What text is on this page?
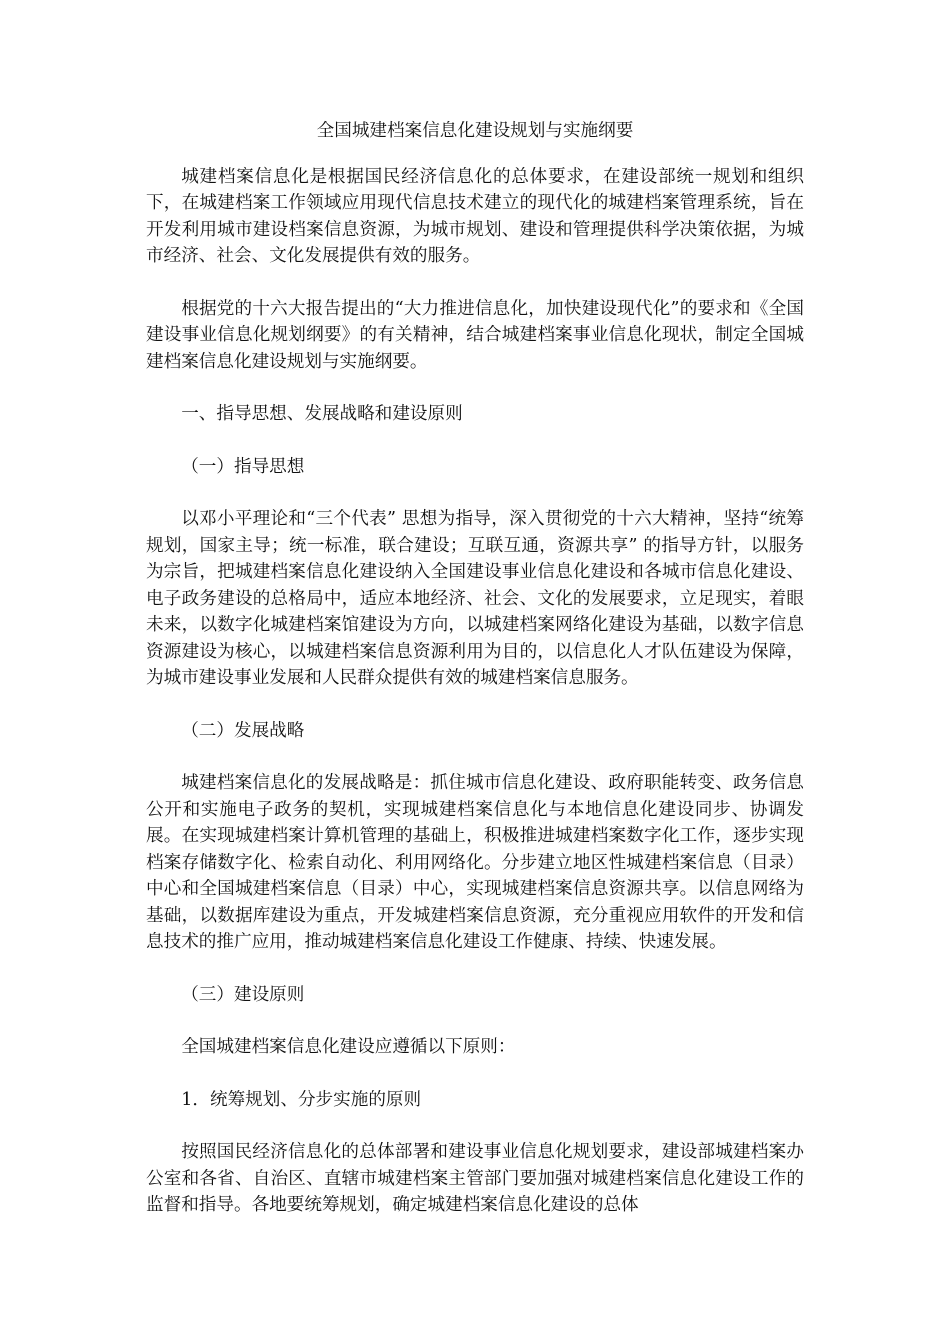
全国城建档案信息化建设规划与实施纲要

城建档案信息化是根据国民经济信息化的总体要求，在建设部统一规划和组织下，在城建档案工作领域应用现代信息技术建立的现代化的城建档案管理系统，旨在开发利用城市建设档案信息资源，为城市规划、建设和管理提供科学决策依据，为城市经济、社会、文化发展提供有效的服务。

根据党的十六大报告提出的“大力推进信息化，加快建设现代化”的要求和《全国建设事业信息化规划纲要》的有关精神，结合城建档案事业信息化现状，制定全国城建档案信息化建设规划与实施纲要。

一、指导思想、发展战略和建设原则

（一）指导思想

以邓小平理论和“三个代表” 思想为指导，深入贯彻党的十六大精神，坚持“统筹规划，国家主导；统一标准，联合建设；互联互通，资源共享” 的指导方针，以服务为宗旨，把城建档案信息化建设纳入全国建设事业信息化建设和各城市信息化建设、电子政务建设的总格局中，适应本地经济、社会、文化的发展要求，立足现实，着眼未来，以数字化城建档案馆建设为方向，以城建档案网络化建设为基础，以数字信息资源建设为核心，以城建档案信息资源利用为目的，以信息化人才队伍建设为保障，为城市建设事业发展和人民群众提供有效的城建档案信息服务。

（二）发展战略

城建档案信息化的发展战略是：抓住城市信息化建设、政府职能转变、政务信息公开和实施电子政务的契机，实现城建档案信息化与本地信息化建设同步、协调发展。在实现城建档案计算机管理的基础上，积极推进城建档案数字化工作，逐步实现档案存储数字化、检索自动化、利用网络化。分步建立地区性城建档案信息（目录）中心和全国城建档案信息（目录）中心，实现城建档案信息资源共享。以信息网络为基础，以数据库建设为重点，开发城建档案信息资源，充分重视应用软件的开发和信息技术的推广应用，推动城建档案信息化建设工作健康、持续、快速发展。

（三）建设原则

全国城建档案信息化建设应遵循以下原则：

1．统筹规划、分步实施的原则

按照国民经济信息化的总体部署和建设事业信息化规划要求，建设部城建档案办公室和各省、自治区、直辖市城建档案主管部门要加强对城建档案信息化建设工作的监督和指导。各地要统筹规划，确定城建档案信息化建设的总体
